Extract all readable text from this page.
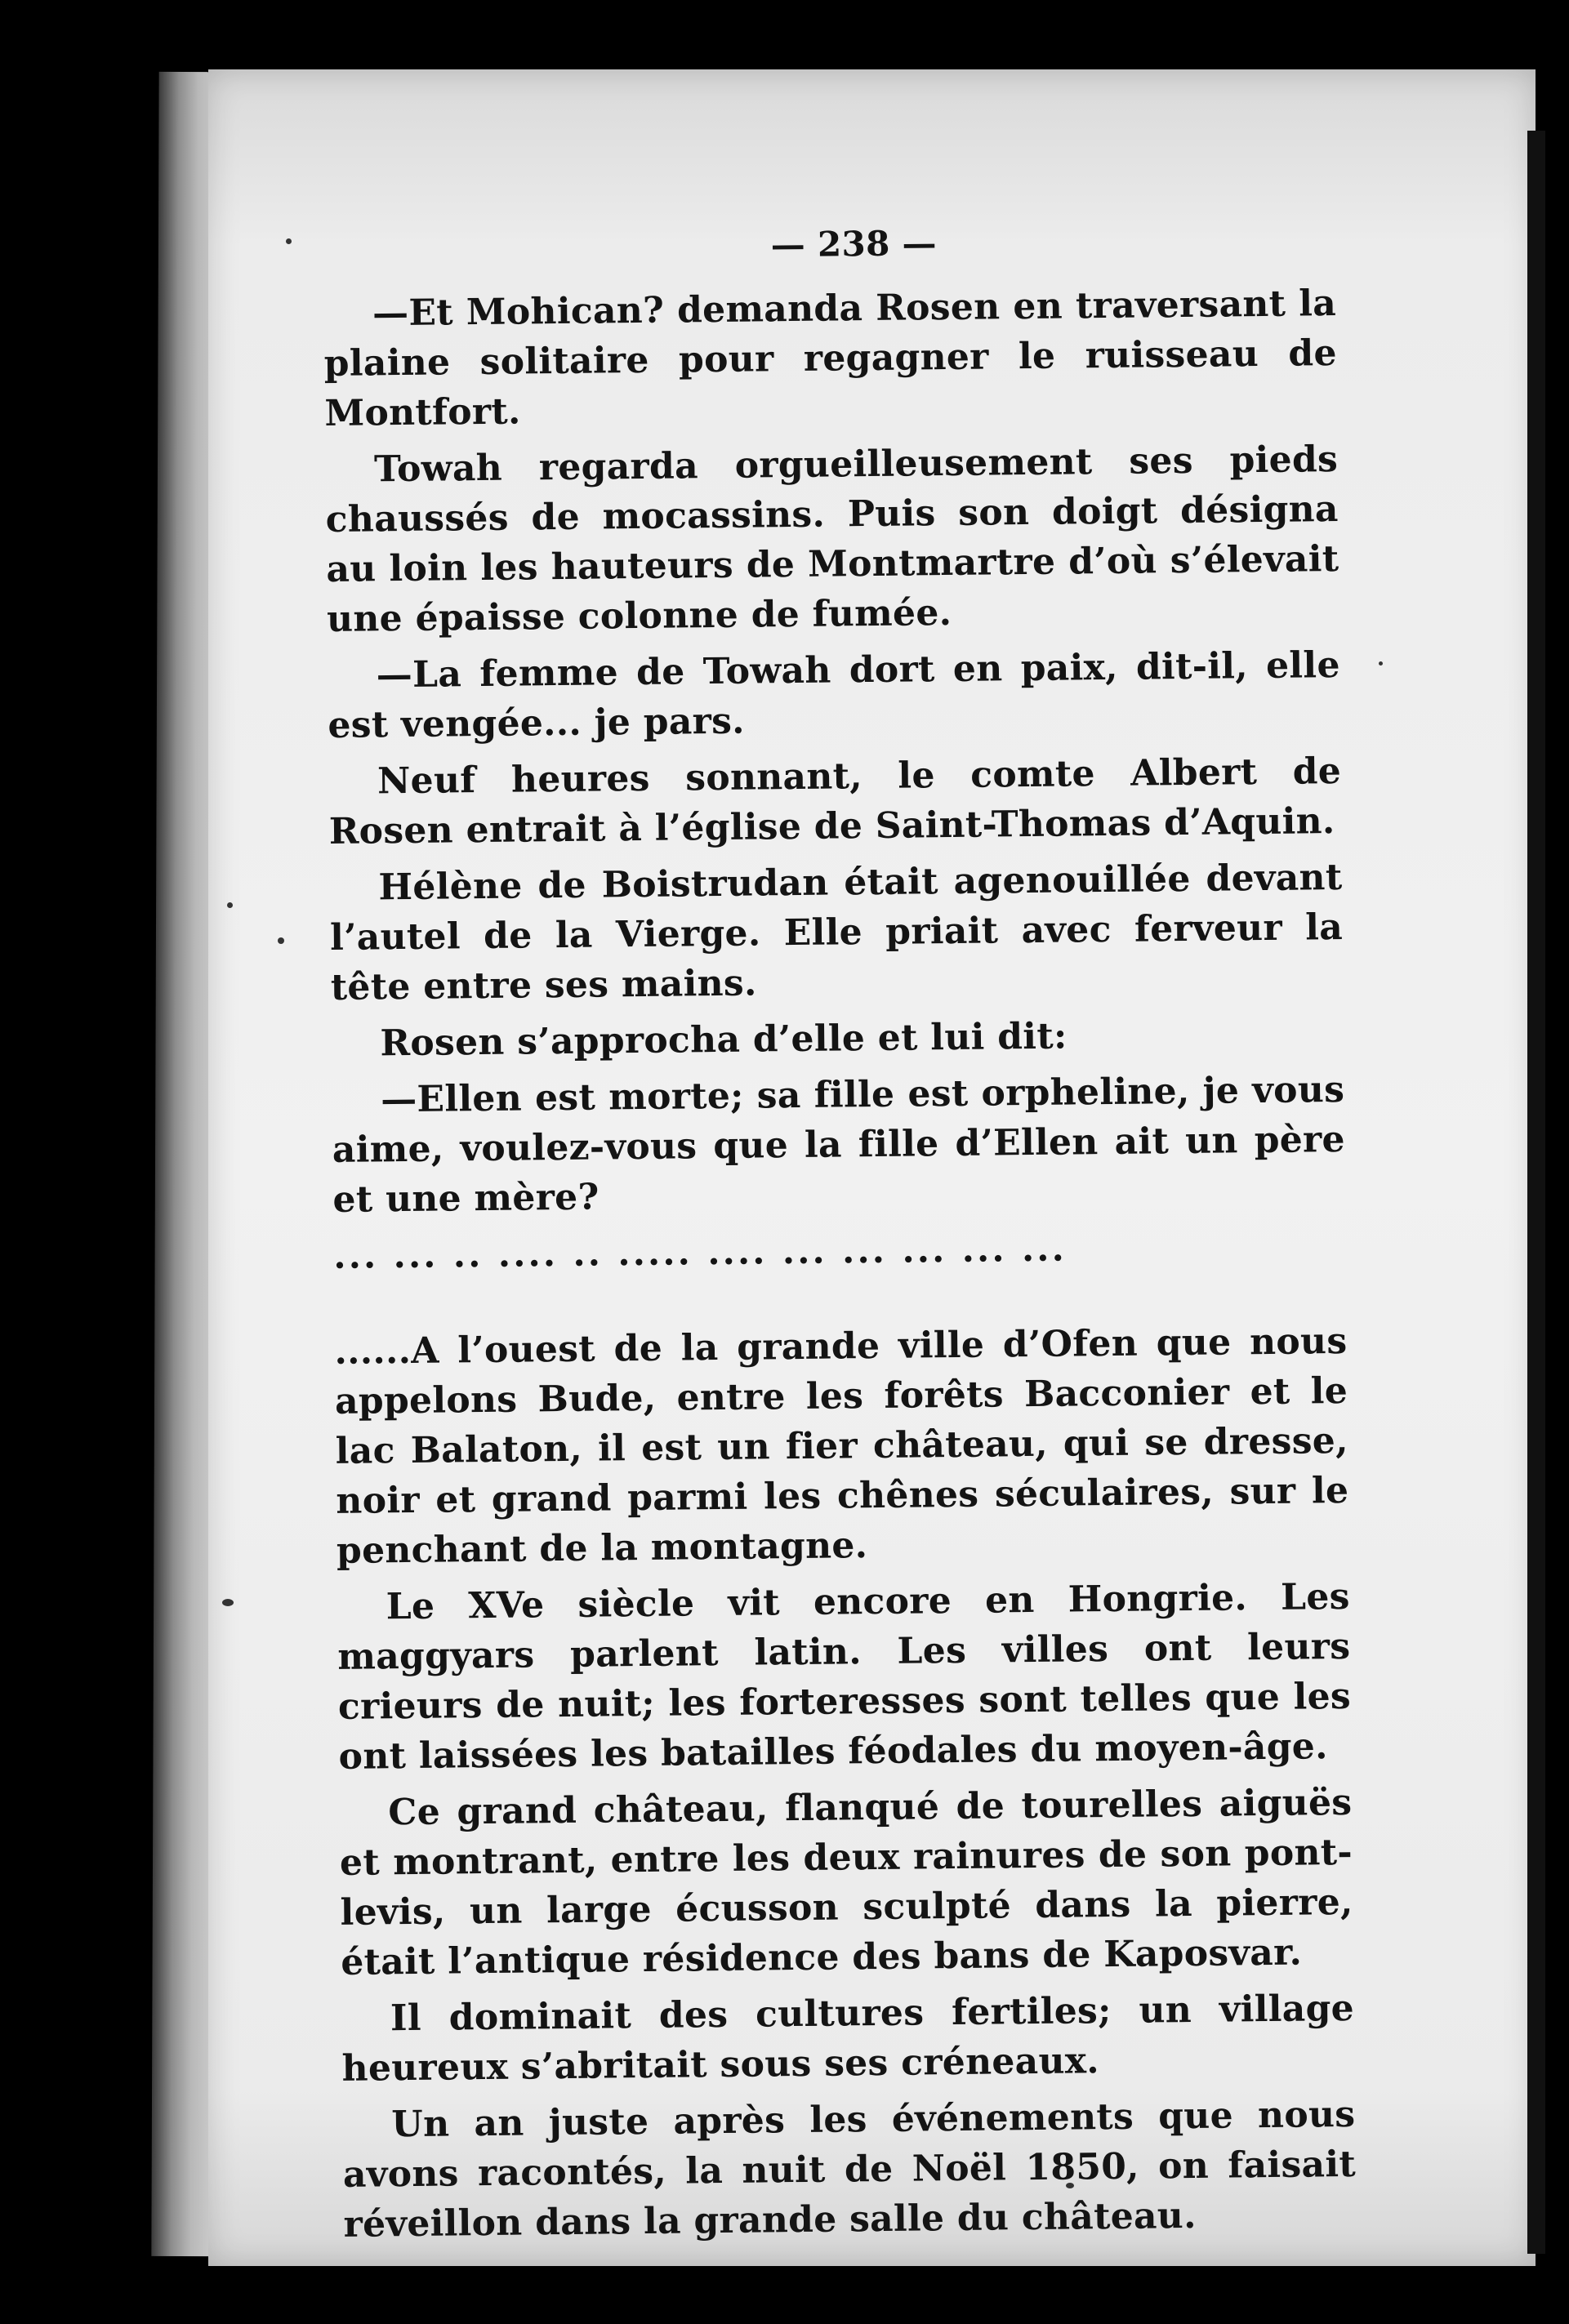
— 238 —

—Et Mohican? demanda Rosen en traversant la plaine solitaire pour regagner le ruisseau de Montfort.

Towah regarda orgueilleusement ses pieds chaussés de mocassins. Puis son doigt désigna au loin les hauteurs de Montmartre d’où s’élevait une épaisse colonne de fumée.

—La femme de Towah dort en paix, dit-il, elle est vengée... je pars.

Neuf heures sonnant, le comte Albert de Rosen entrait à l’église de Saint-Thomas d’Aquin.

Hélène de Boistrudan était agenouillée devant l’autel de la Vierge. Elle priait avec ferveur la tête entre ses mains.

Rosen s’approcha d’elle et lui dit:

—Ellen est morte; sa fille est orpheline, je vous aime, voulez-vous que la fille d’Ellen ait un père et une mère?

... ... .. .... .. ..... .... ... ... ... ... ...

......A l’ouest de la grande ville d’Ofen que nous appelons Bude, entre les forêts Bacconier et le lac Balaton, il est un fier château, qui se dresse, noir et grand parmi les chênes séculaires, sur le penchant de la montagne.

Le XVe siècle vit encore en Hongrie. Les maggyars parlent latin. Les villes ont leurs crieurs de nuit; les forteresses sont telles que les ont laissées les batailles féodales du moyen-âge.

Ce grand château, flanqué de tourelles aiguës et montrant, entre les deux rainures de son pont-levis, un large écusson sculpté dans la pierre, était l’antique résidence des bans de Kaposvar.

Il dominait des cultures fertiles; un village heureux s’abritait sous ses créneaux.

Un an juste après les événements que nous avons racontés, la nuit de Noël 1850, on faisait réveillon dans la grande salle du château.
